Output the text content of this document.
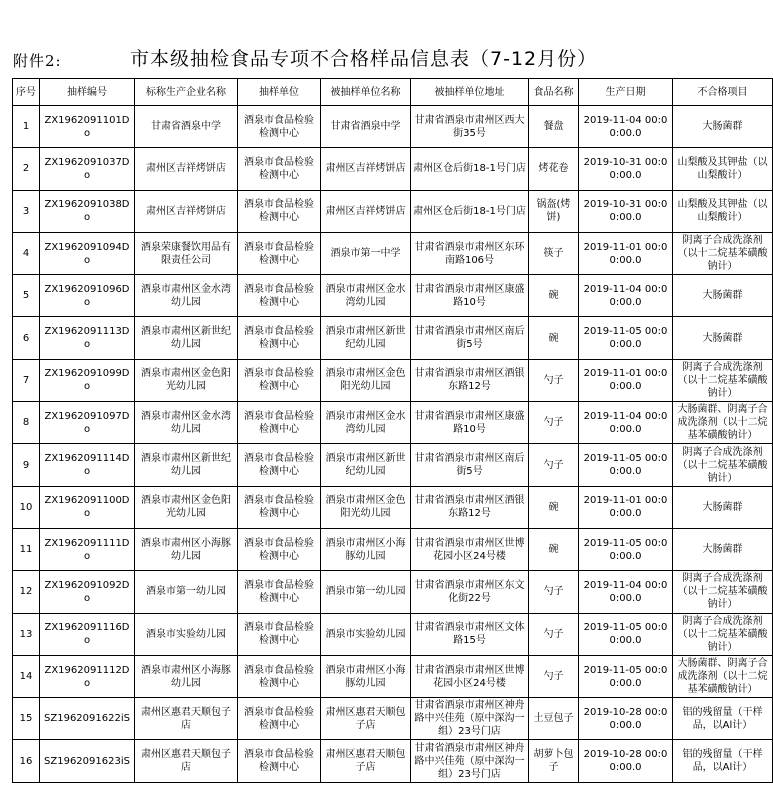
附件2:	市本级抽检食品专项不合格样品信息表（7-12月份）
序号	抽样编号	标称生产企业名称	抽样单位	被抽样单位名称	被抽样单位地址	食品名称	生产日期	不合格项目
1	ZX1962091101Do	甘肃省酒泉中学	酒泉市食品检验检测中心	甘肃省酒泉中学	甘肃省酒泉市肃州区西大街35号	餐盘	2019-11-04 00:00:00.0	大肠菌群
2	ZX1962091037Do	肃州区吉祥烤饼店	酒泉市食品检验检测中心	肃州区吉祥烤饼店	肃州区仓后街18-1号门店	烤花卷	2019-10-31 00:00:00.0	山梨酸及其钾盐（以山梨酸计）
3	ZX1962091038Do	肃州区吉祥烤饼店	酒泉市食品检验检测中心	肃州区吉祥烤饼店	肃州区仓后街18-1号门店	锅盔(烤饼)	2019-10-31 00:00:00.0	山梨酸及其钾盐（以山梨酸计）
4	ZX1962091094Do	酒泉荣康餐饮用品有限责任公司	酒泉市食品检验检测中心	酒泉市第一中学	甘肃省酒泉市肃州区东环南路106号	筷子	2019-11-01 00:00:00.0	阴离子合成洗涤剂（以十二烷基苯磺酸钠计）
5	ZX1962091096Do	酒泉市肃州区金水湾幼儿园	酒泉市食品检验检测中心	酒泉市肃州区金水湾幼儿园	甘肃省酒泉市肃州区康盛路10号	碗	2019-11-04 00:00:00.0	大肠菌群
6	ZX1962091113Do	酒泉市肃州区新世纪幼儿园	酒泉市食品检验检测中心	酒泉市肃州区新世纪幼儿园	甘肃省酒泉市肃州区南后街5号	碗	2019-11-05 00:00:00.0	大肠菌群
7	ZX1962091099Do	酒泉市肃州区金色阳光幼儿园	酒泉市食品检验检测中心	酒泉市肃州区金色阳光幼儿园	甘肃省酒泉市肃州区酒银东路12号	勺子	2019-11-01 00:00:00.0	阴离子合成洗涤剂（以十二烷基苯磺酸钠计）
8	ZX1962091097Do	酒泉市肃州区金水湾幼儿园	酒泉市食品检验检测中心	酒泉市肃州区金水湾幼儿园	甘肃省酒泉市肃州区康盛路10号	勺子	2019-11-04 00:00:00.0	大肠菌群、阴离子合成洗涤剂（以十二烷基苯磺酸钠计）
9	ZX1962091114Do	酒泉市肃州区新世纪幼儿园	酒泉市食品检验检测中心	酒泉市肃州区新世纪幼儿园	甘肃省酒泉市肃州区南后街5号	勺子	2019-11-05 00:00:00.0	阴离子合成洗涤剂（以十二烷基苯磺酸钠计）
10	ZX1962091100Do	酒泉市肃州区金色阳光幼儿园	酒泉市食品检验检测中心	酒泉市肃州区金色阳光幼儿园	甘肃省酒泉市肃州区酒银东路12号	碗	2019-11-01 00:00:00.0	大肠菌群
11	ZX1962091111Do	酒泉市肃州区小海豚幼儿园	酒泉市食品检验检测中心	酒泉市肃州区小海豚幼儿园	甘肃省酒泉市肃州区世博花园小区24号楼	碗	2019-11-05 00:00:00.0	大肠菌群
12	ZX1962091092Do	酒泉市第一幼儿园	酒泉市食品检验检测中心	酒泉市第一幼儿园	甘肃省酒泉市肃州区东文化街22号	勺子	2019-11-04 00:00:00.0	阴离子合成洗涤剂（以十二烷基苯磺酸钠计）
13	ZX1962091116Do	酒泉市实验幼儿园	酒泉市食品检验检测中心	酒泉市实验幼儿园	甘肃省酒泉市肃州区文体路15号	勺子	2019-11-05 00:00:00.0	阴离子合成洗涤剂（以十二烷基苯磺酸钠计）
14	ZX1962091112Do	酒泉市肃州区小海豚幼儿园	酒泉市食品检验检测中心	酒泉市肃州区小海豚幼儿园	甘肃省酒泉市肃州区世博花园小区24号楼	勺子	2019-11-05 00:00:00.0	大肠菌群、阴离子合成洗涤剂（以十二烷基苯磺酸钠计）
15	SZ1962091622iS	肃州区惠君天顺包子店	酒泉市食品检验检测中心	肃州区惠君天顺包子店	甘肃省酒泉市肃州区神舟路中兴佳苑（原中深沟一组）23号门店	土豆包子	2019-10-28 00:00:00.0	铝的残留量（干样品，以Al计）
16	SZ1962091623iS	肃州区惠君天顺包子店	酒泉市食品检验检测中心	肃州区惠君天顺包子店	甘肃省酒泉市肃州区神舟路中兴佳苑（原中深沟一组）23号门店	胡萝卜包子	2019-10-28 00:00:00.0	铝的残留量（干样品，以Al计）
